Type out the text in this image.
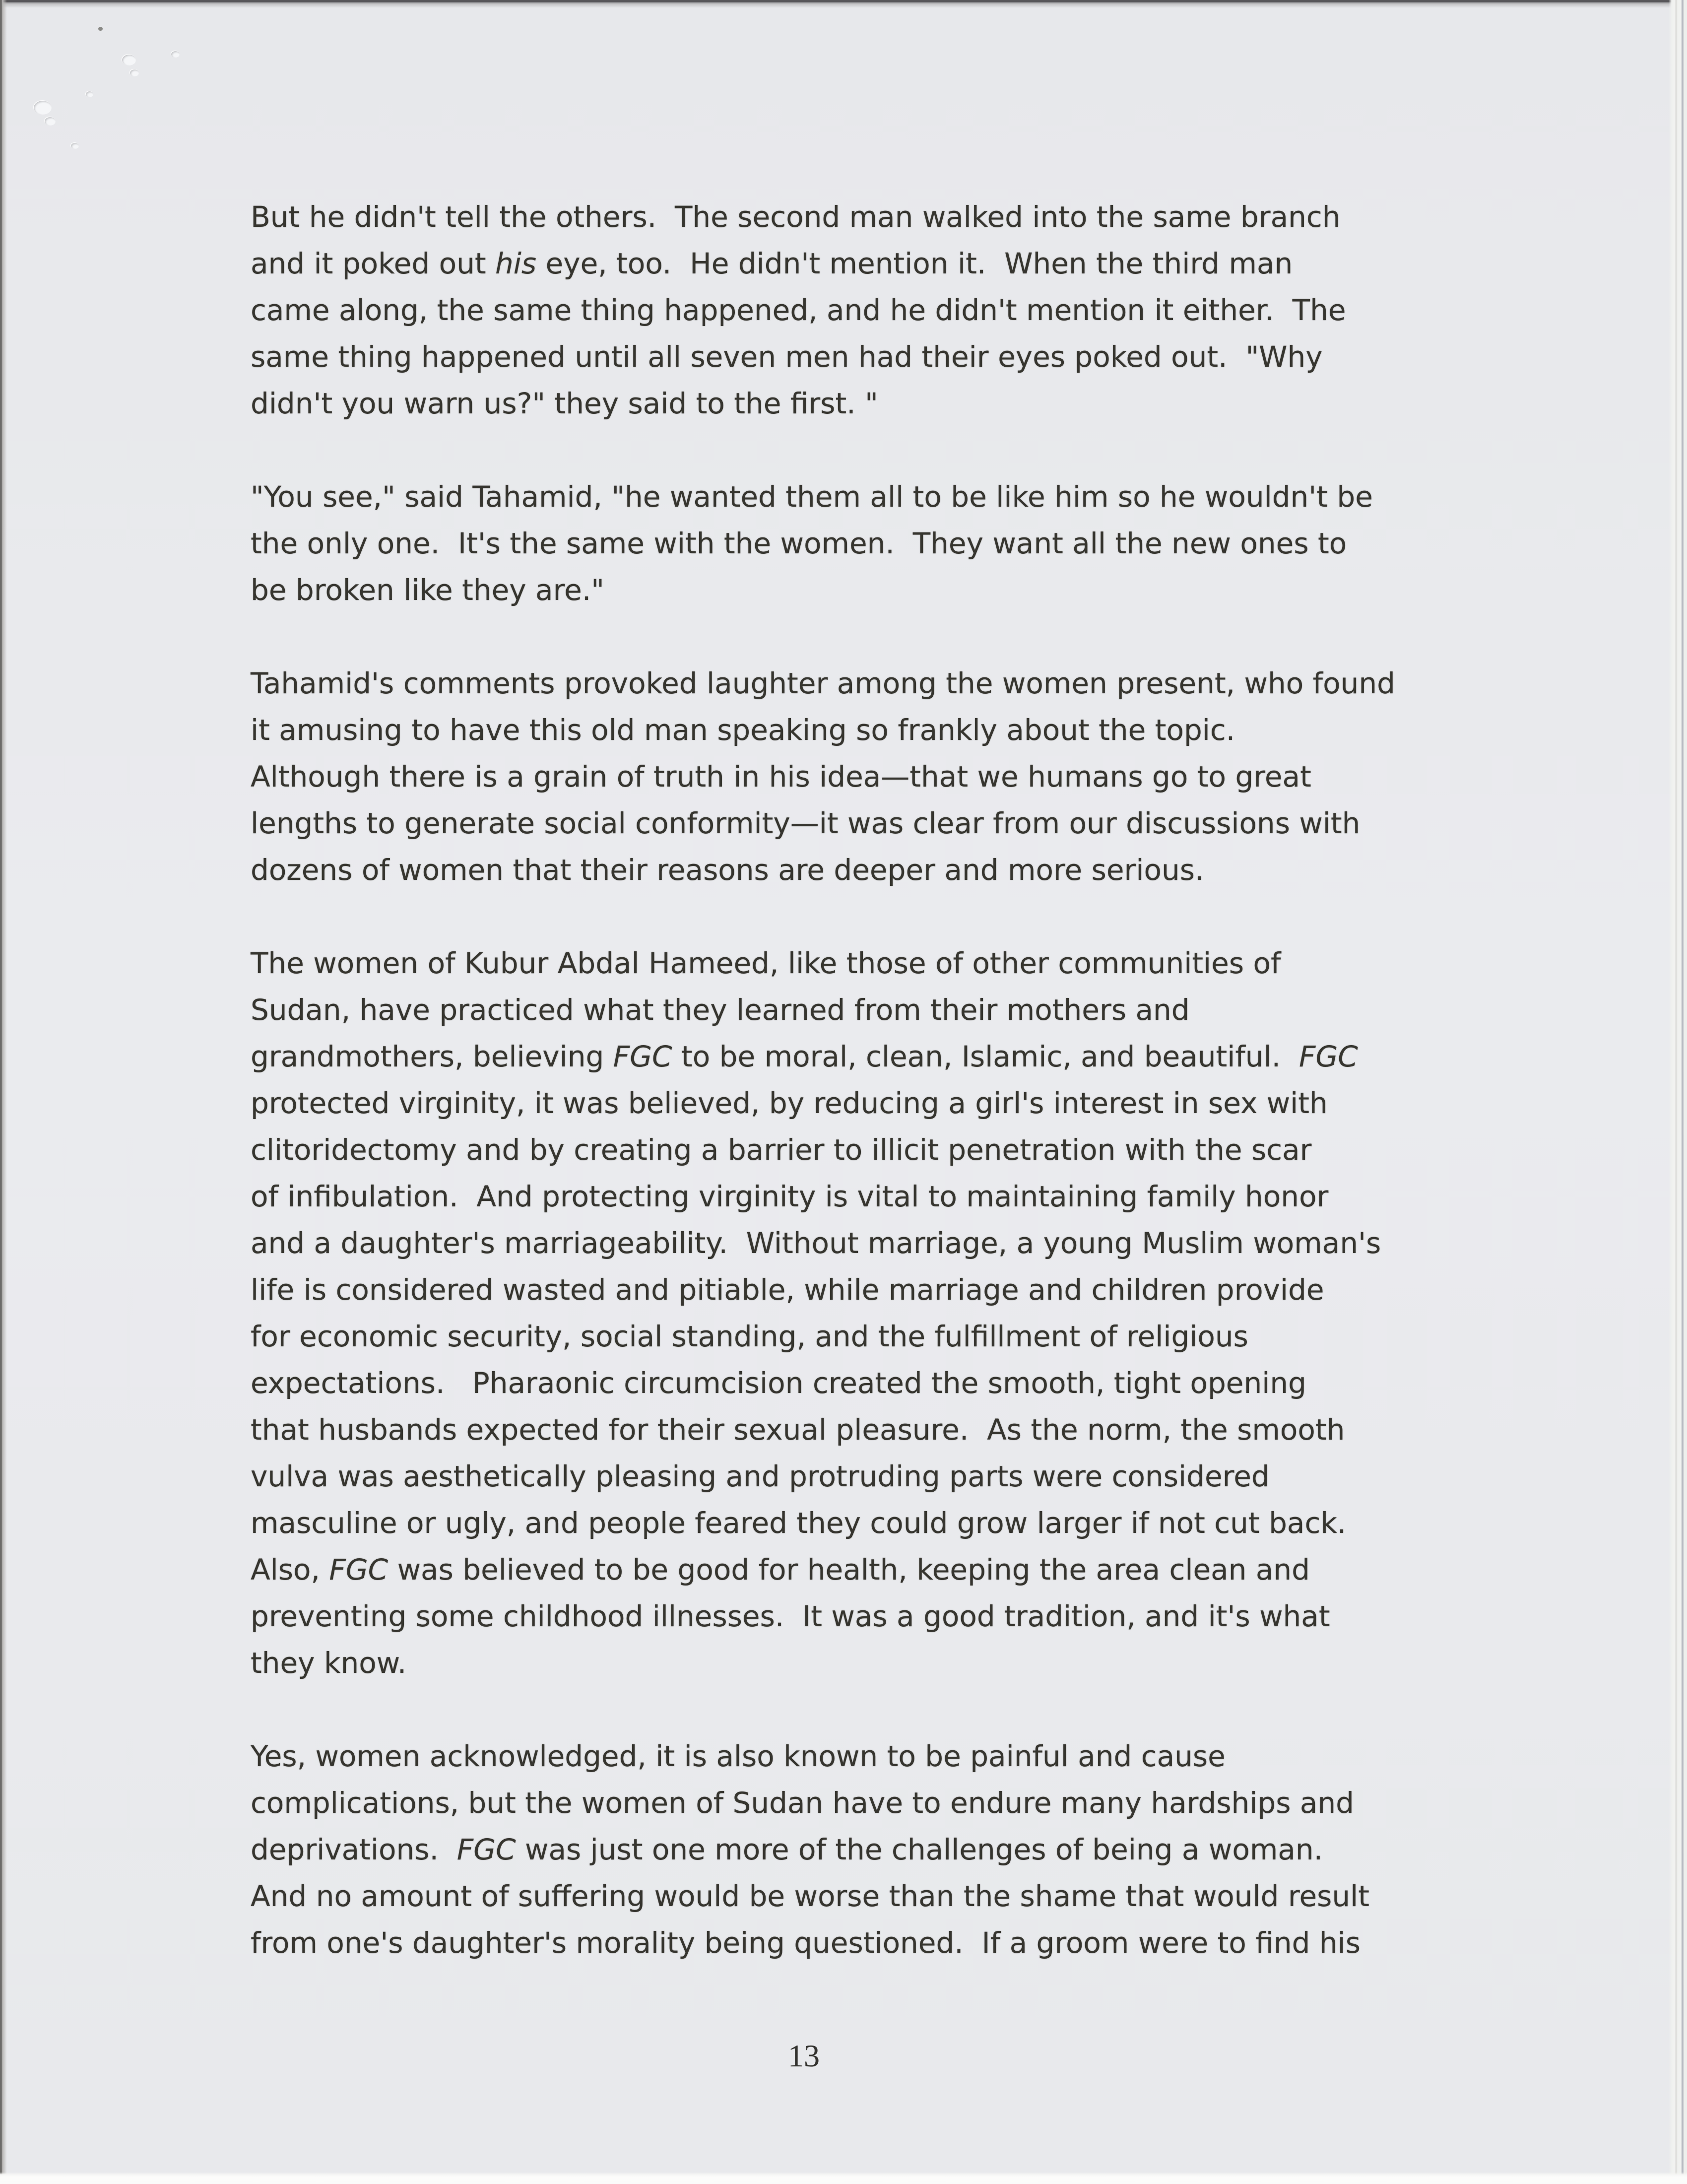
But he didn't tell the others.  The second man walked into the same branch
and it poked out his eye, too.  He didn't mention it.  When the third man
came along, the same thing happened, and he didn't mention it either.  The
same thing happened until all seven men had their eyes poked out.  "Why
didn't you warn us?" they said to the first. "
"You see," said Tahamid, "he wanted them all to be like him so he wouldn't be
the only one.  It's the same with the women.  They want all the new ones to
be broken like they are."
Tahamid's comments provoked laughter among the women present, who found
it amusing to have this old man speaking so frankly about the topic.
Although there is a grain of truth in his idea—that we humans go to great
lengths to generate social conformity—it was clear from our discussions with
dozens of women that their reasons are deeper and more serious.
The women of Kubur Abdal Hameed, like those of other communities of
Sudan, have practiced what they learned from their mothers and
grandmothers, believing FGC to be moral, clean, Islamic, and beautiful.  FGC
protected virginity, it was believed, by reducing a girl's interest in sex with
clitoridectomy and by creating a barrier to illicit penetration with the scar
of infibulation.  And protecting virginity is vital to maintaining family honor
and a daughter's marriageability.  Without marriage, a young Muslim woman's
life is considered wasted and pitiable, while marriage and children provide
for economic security, social standing, and the fulfillment of religious
expectations.   Pharaonic circumcision created the smooth, tight opening
that husbands expected for their sexual pleasure.  As the norm, the smooth
vulva was aesthetically pleasing and protruding parts were considered
masculine or ugly, and people feared they could grow larger if not cut back.
Also, FGC was believed to be good for health, keeping the area clean and
preventing some childhood illnesses.  It was a good tradition, and it's what
they know.
Yes, women acknowledged, it is also known to be painful and cause
complications, but the women of Sudan have to endure many hardships and
deprivations.  FGC was just one more of the challenges of being a woman.
And no amount of suffering would be worse than the shame that would result
from one's daughter's morality being questioned.  If a groom were to find his
13
